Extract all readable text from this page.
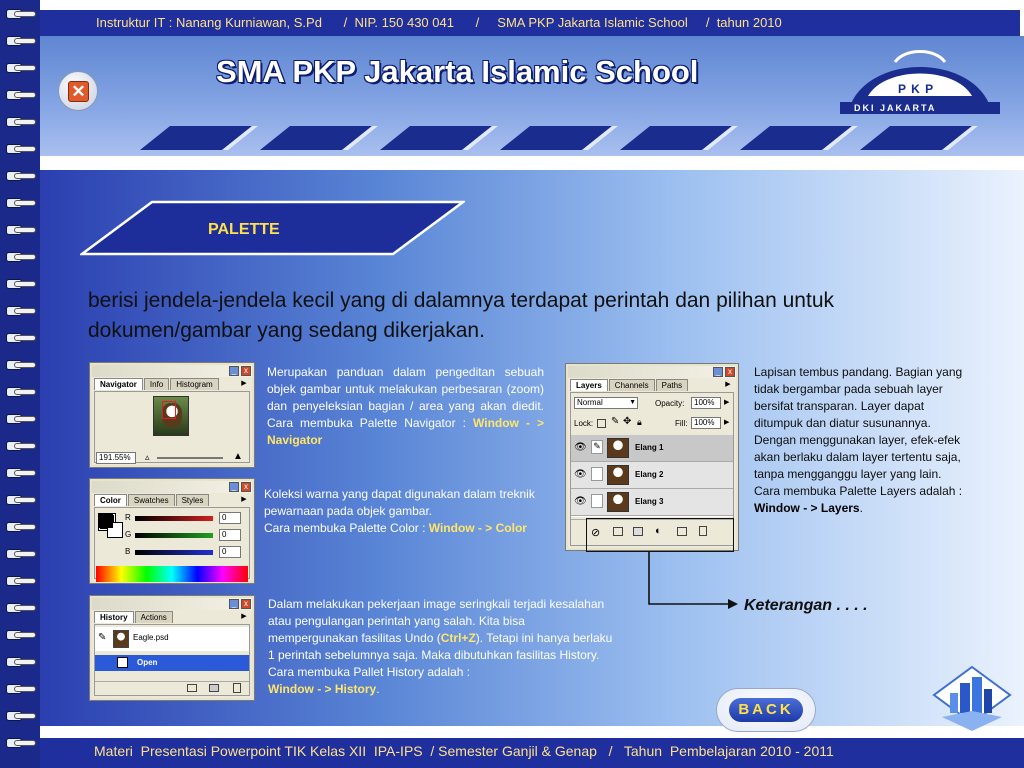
Instruktur IT : Nanang Kurniawan, S.Pd      /  NIP. 150 430 041      /     SMA PKP Jakarta Islamic School     /  tahun 2010
✕
SMA PKP Jakarta Islamic School	P K P
DKI JAKARTA
PALETTE
berisi jendela-jendela kecil yang di dalamnya terdapat perintah dan pilihan untuk dokumen/gambar yang sedang dikerjakan.
_ x
Navigator	Info	Histogram	▶
191.55%	▵	▲
Merupakan panduan dalam pengeditan sebuah objek gambar untuk melakukan perbesaran (zoom) dan penyeleksian bagian / area yang akan diedit. Cara membuka Palette Navigator : Window - > Navigator
_ x
Color	Swatches	Styles	▶
R	0
G	0
B	0
Koleksi warna yang dapat digunakan dalam treknik pewarnaan pada objek gambar.
Cara membuka Palette Color : Window - > Color
_ x
History	Actions	▶
✎	Eagle.psd
Open
Dalam melakukan pekerjaan image seringkali terjadi kesalahan atau pengulangan perintah yang salah. Kita bisa mempergunakan fasilitas Undo (Ctrl+Z). Tetapi ini hanya berlaku 1 perintah sebelumnya saja. Maka dibutuhkan fasilitas History. Cara membuka Pallet History adalah :
Window - > History.
_ x
Layers	Channels	Paths	▶
Normal	▼ Opacity:	100%	▶
Lock: ✎ ✥ 🔒︎	Fill: 100%	▶
👁︎ ✎	Elang 1
👁︎	Elang 2
👁︎	Elang 3
⊘	◐
Keterangan . . . .
Lapisan tembus pandang. Bagian yang tidak bergambar pada sebuah layer bersifat transparan. Layer dapat ditumpuk dan diatur susunannya. Dengan menggunakan layer, efek-efek akan berlaku dalam layer tertentu saja, tanpa mengganggu layer yang lain. Cara membuka Palette Layers adalah :
Window - > Layers.
BACK
Materi  Presentasi Powerpoint TIK Kelas XII  IPA-IPS  / Semester Ganjil & Genap   /   Tahun  Pembelajaran 2010 - 2011
